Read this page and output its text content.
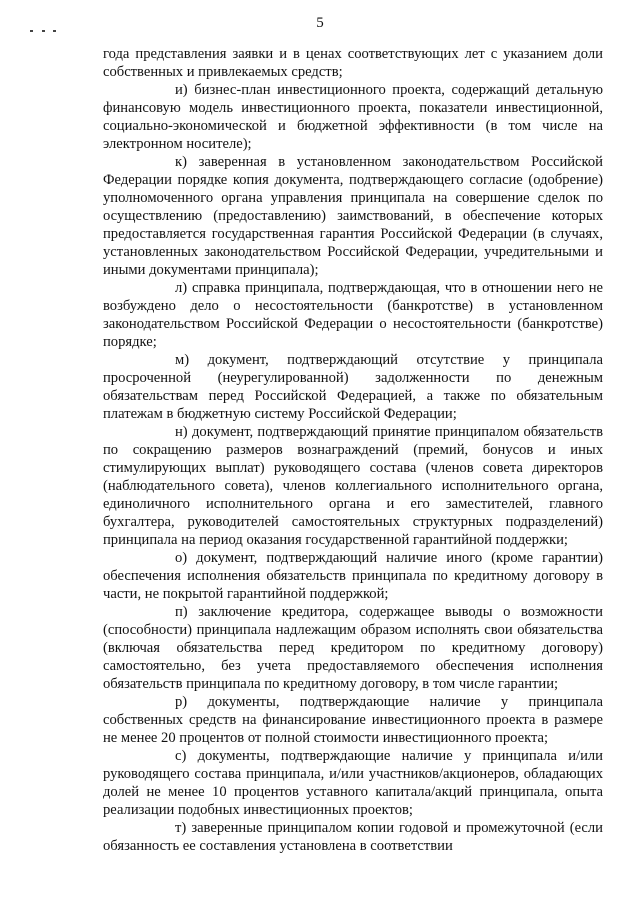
5

года представления заявки и в ценах соответствующих лет с указанием доли собственных и привлекаемых средств;

и) бизнес-план инвестиционного проекта, содержащий детальную финансовую модель инвестиционного проекта, показатели инвестиционной, социально-экономической и бюджетной эффективности (в том числе на электронном носителе);

к) заверенная в установленном законодательством Российской Федерации порядке копия документа, подтверждающего согласие (одобрение) уполномоченного органа управления принципала на совершение сделок по осуществлению (предоставлению) заимствований, в обеспечение которых предоставляется государственная гарантия Российской Федерации (в случаях, установленных законодательством Российской Федерации, учредительными и иными документами принципала);

л) справка принципала, подтверждающая, что в отношении него не возбуждено дело о несостоятельности (банкротстве) в установленном законодательством Российской Федерации о несостоятельности (банкротстве) порядке;

м) документ, подтверждающий отсутствие у принципала просроченной (неурегулированной) задолженности по денежным обязательствам перед Российской Федерацией, а также по обязательным платежам в бюджетную систему Российской Федерации;

н) документ, подтверждающий принятие принципалом обязательств по сокращению размеров вознаграждений (премий, бонусов и иных стимулирующих выплат) руководящего состава (членов совета директоров (наблюдательного совета), членов коллегиального исполнительного органа, единоличного исполнительного органа и его заместителей, главного бухгалтера, руководителей самостоятельных структурных подразделений) принципала на период оказания государственной гарантийной поддержки;

о) документ, подтверждающий наличие иного (кроме гарантии) обеспечения исполнения обязательств принципала по кредитному договору в части, не покрытой гарантийной поддержкой;

п) заключение кредитора, содержащее выводы о возможности (способности) принципала надлежащим образом исполнять свои обязательства (включая обязательства перед кредитором по кредитному договору) самостоятельно, без учета предоставляемого обеспечения исполнения обязательств принципала по кредитному договору, в том числе гарантии;

р) документы, подтверждающие наличие у принципала собственных средств на финансирование инвестиционного проекта в размере не менее 20 процентов от полной стоимости инвестиционного проекта;

с) документы, подтверждающие наличие у принципала и/или руководящего состава принципала, и/или участников/акционеров, обладающих долей не менее 10 процентов уставного капитала/акций принципала, опыта реализации подобных инвестиционных проектов;

т) заверенные принципалом копии годовой и промежуточной (если обязанность ее составления установлена в соответствии
